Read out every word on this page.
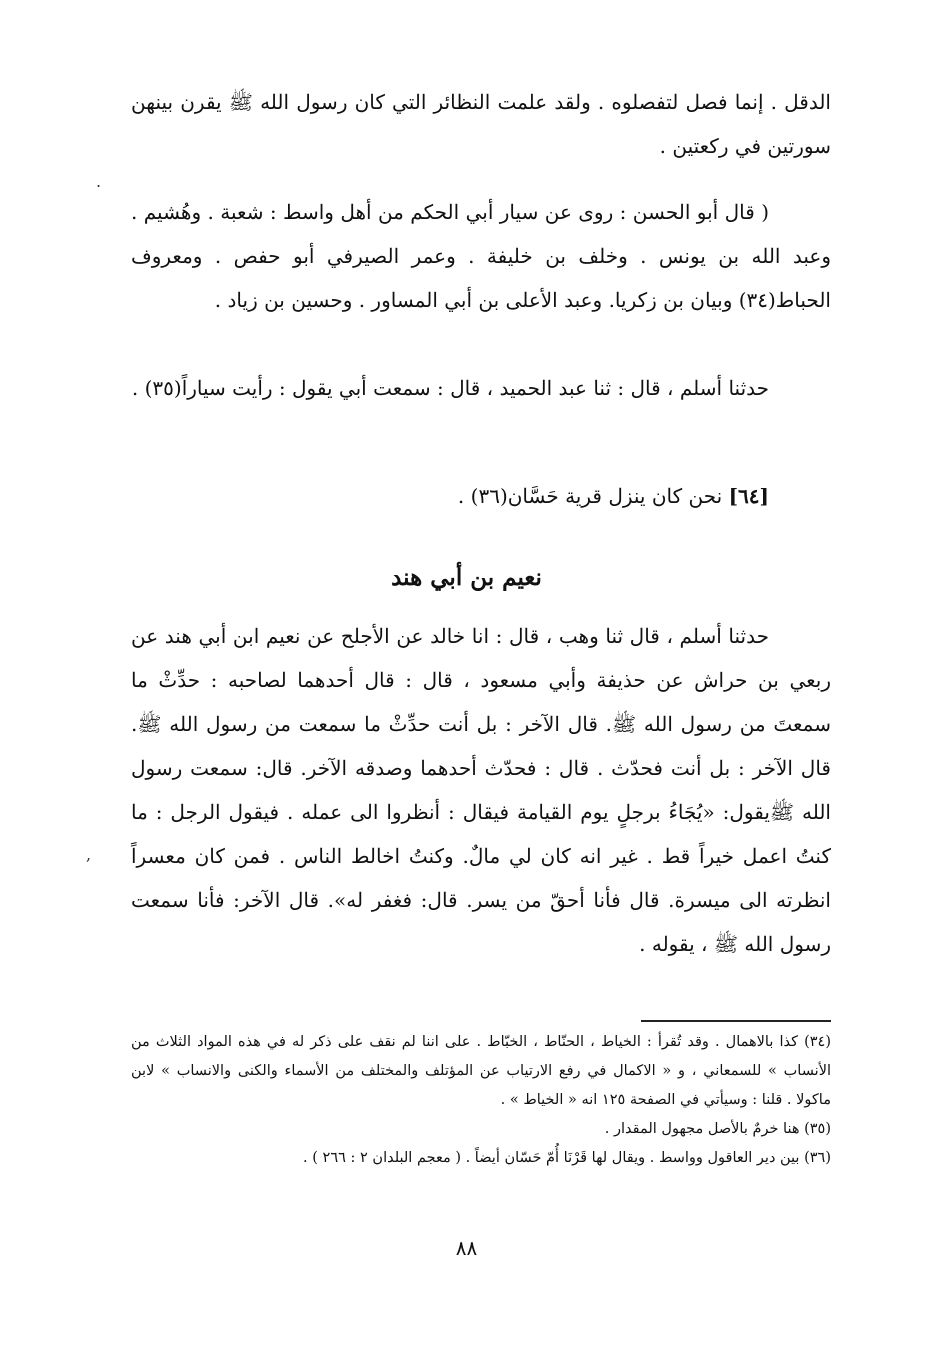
الدقل . إنما فصل لتفصلوه . ولقد علمت النظائر التي كان رسول الله ﷺ يقرن بينهن سورتين في ركعتين .

.

( قال أبو الحسن : روى عن سيار أبي الحكم من أهل واسط : شعبة . وهُشيم . وعبد الله بن يونس . وخلف بن خليفة . وعمر الصيرفي أبو حفص . ومعروف الحباط(٣٤) وبيان بن زكريا. وعبد الأعلى بن أبي المساور . وحسين بن زياد .

حدثنا أسلم ، قال : ثنا عبد الحميد ، قال : سمعت أبي يقول : رأيت سياراً(٣٥) .

[٦٤] نحن كان ينزل قرية حَسَّان(٣٦) .

نعيم بن أبي هند

حدثنا أسلم ، قال ثنا وهب ، قال : انا خالد عن الأجلح عن نعيم ابن أبي هند عن ربعي بن حراش عن حذيفة وأبي مسعود ، قال : قال أحدهما لصاحبه : حدِّثْ ما سمعتَ من رسول الله ﷺ. قال الآخر : بل أنت حدِّثْ ما سمعت من رسول الله ﷺ. قال الآخر : بل أنت فحدّث . قال : فحدّث أحدهما وصدقه الآخر. قال: سمعت رسول الله ﷺيقول: «يُجَاءُ برجلٍ يوم القيامة فيقال : أنظروا الى عمله . فيقول الرجل : ما كنتُ اعمل خيراً قط . غير انه كان لي مالٌ. وكنتُ اخالط الناس . فمن كان معسراً انظرته الى ميسرة. قال فأنا أحقّ من يسر. قال: فغفر له». قال الآخر: فأنا سمعت رسول الله ﷺ ، يقوله .

,

(٣٤) كذا بالاهمال . وقد تُقرأ : الخياط ، الحنّاط ، الخبّاط . على اننا لم نقف على ذكر له في هذه المواد الثلاث من الأنساب » للسمعاني ، و « الاكمال في رفع الارتياب عن المؤتلف والمختلف من الأسماء والكنى والانساب » لابن ماكولا . قلنا : وسيأتي في الصفحة ١٢٥ انه « الخياط » .

(٣٥) هنا خرمٌ بالأصل مجهول المقدار .

(٣٦) بين دير العاقول وواسط . ويقال لها قَرْنَا أُمّ حَسّان أيضاً . ( معجم البلدان ٢ : ٢٦٦ ) .

٨٨
